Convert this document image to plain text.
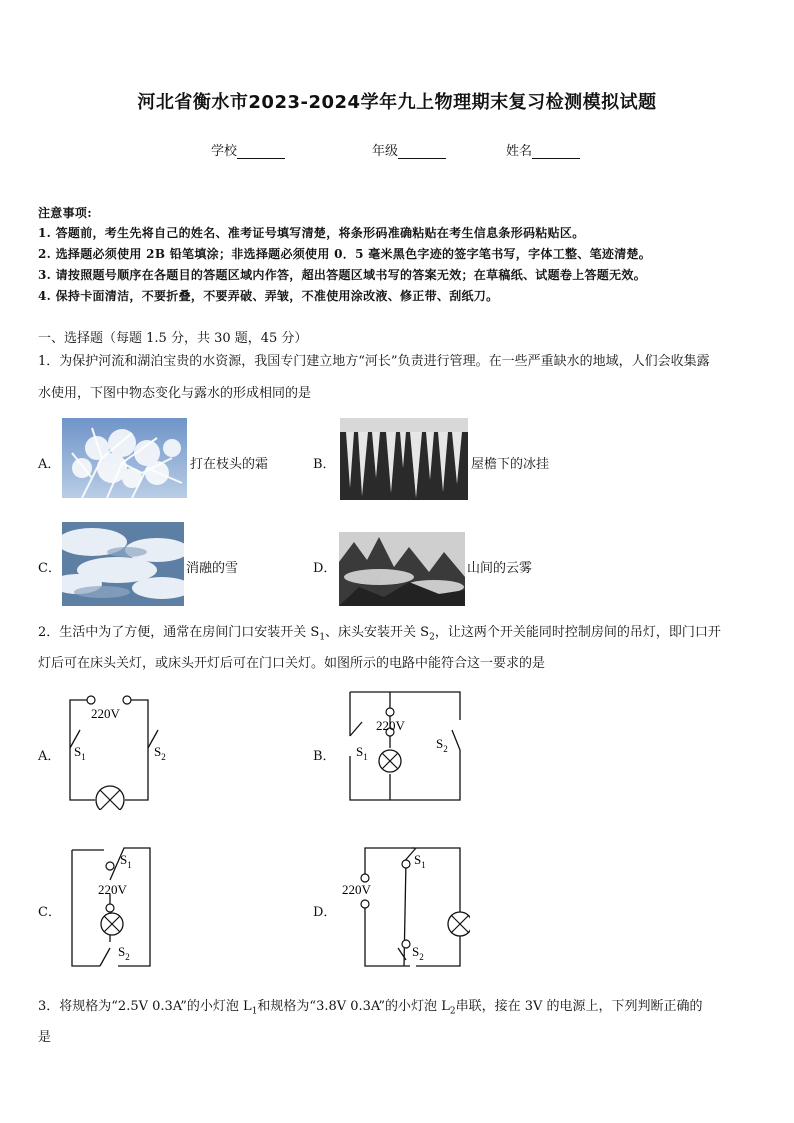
河北省衡水市2023-2024学年九上物理期末复习检测模拟试题
学校	年级	姓名
注意事项:
1. 答题前，考生先将自己的姓名、准考证号填写清楚，将条形码准确粘贴在考生信息条形码粘贴区。
2. 选择题必须使用 2B 铅笔填涂；非选择题必须使用 0．5 毫米黑色字迹的签字笔书写，字体工整、笔迹清楚。
3. 请按照题号顺序在各题目的答题区域内作答，超出答题区域书写的答案无效；在草稿纸、试题卷上答题无效。
4. 保持卡面清洁，不要折叠，不要弄破、弄皱，不准使用涂改液、修正带、刮纸刀。
一、选择题（每题 1.5 分，共 30 题，45 分）
1．为保护河流和湖泊宝贵的水资源，我国专门建立地方“河长”负责进行管理。在一些严重缺水的地域，人们会收集露
水使用，下图中物态变化与露水的形成相同的是
A．	打在枝头的霜	B．	屋檐下的冰挂
C．	消融的雪	D．	山间的云雾
2．生活中为了方便，通常在房间门口安装开关 $S_1$、床头安装开关 $S_2$，让这两个开关能同时控制房间的吊灯，即门口开
灯后可在床头关灯，或床头开灯后可在门口关灯。如图所示的电路中能符合这一要求的是
A．
220V
$S_1$	$S_2$	B．
220V
$S_1$
$S_2$
C．
220V
$S_1$
$S_2$
D．
220V
$S_1$
$S_2$
3．将规格为“2.5V 0.3A”的小灯泡 $L_1$和规格为“3.8V 0.3A”的小灯泡 $L_2$串联，接在 3V 的电源上，下列判断正确的
是
